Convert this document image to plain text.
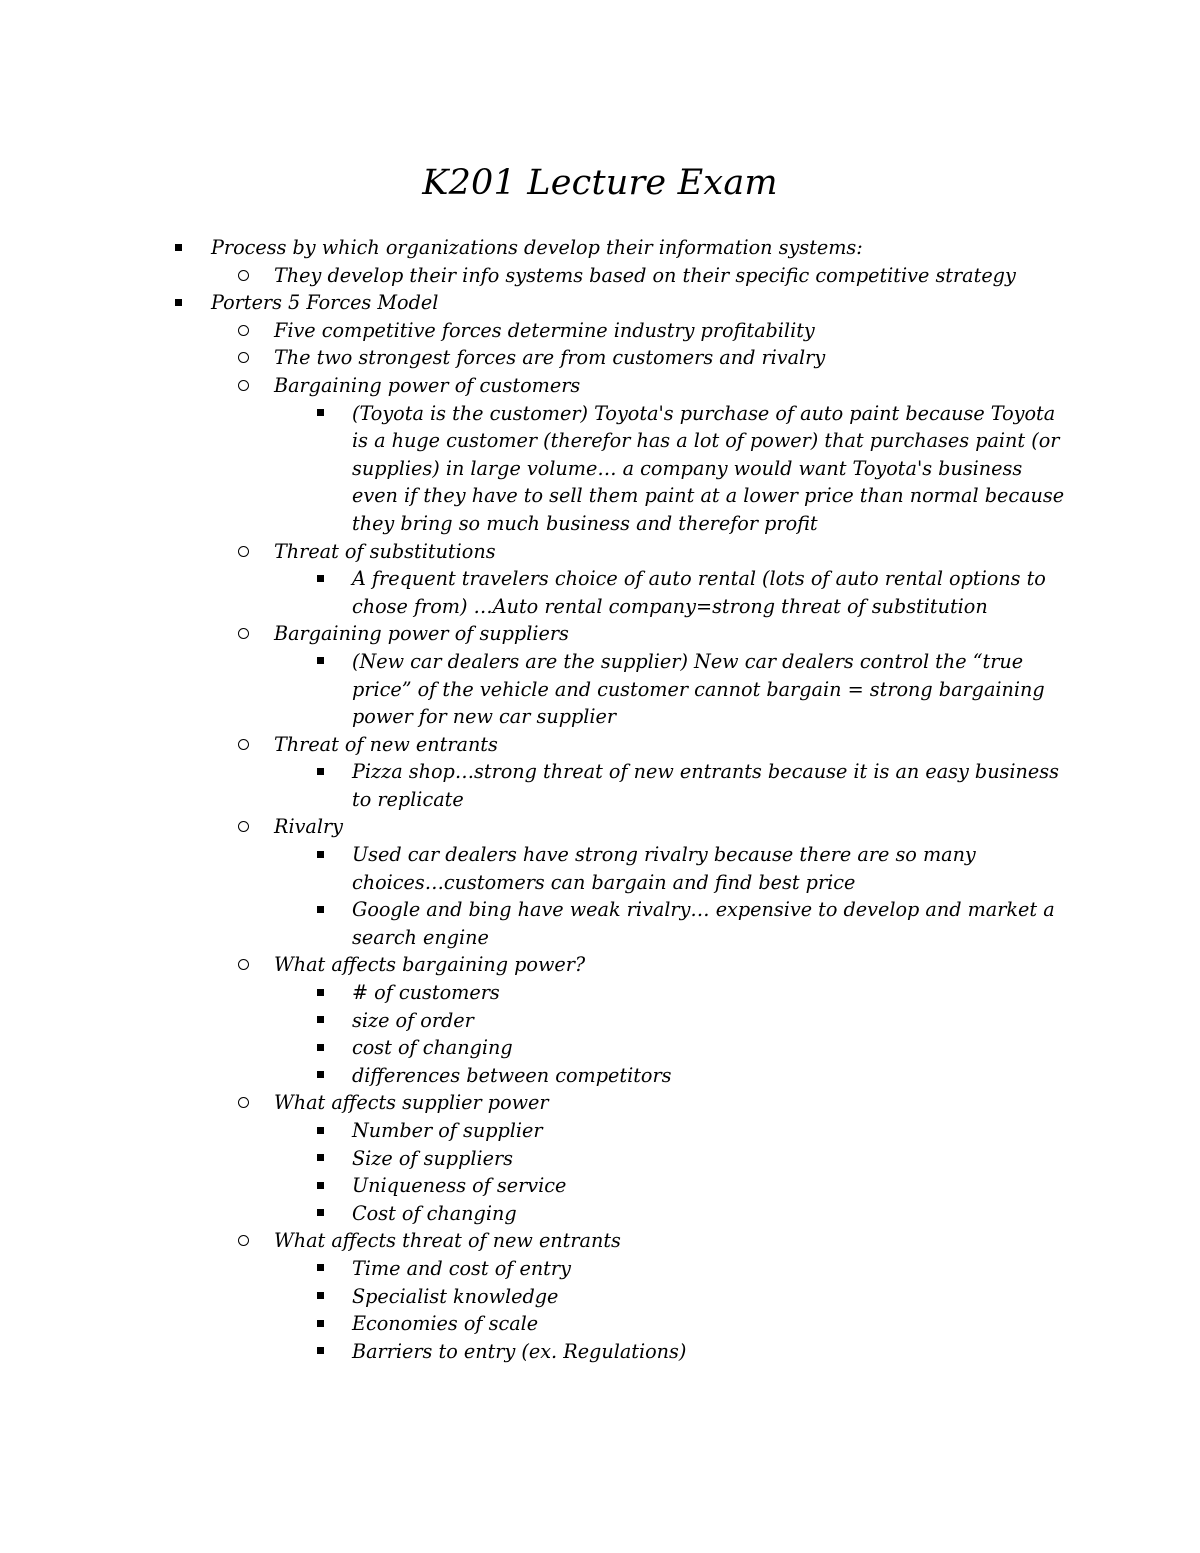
K201 Lecture Exam
Process by which organizations develop their information systems:
They develop their info systems based on their specific competitive strategy
Porters 5 Forces Model
Five competitive forces determine industry profitability
The two strongest forces are from customers and rivalry
Bargaining power of customers
(Toyota is the customer) Toyota's purchase of auto paint because Toyota is a huge customer (therefor has a lot of power) that purchases paint (or supplies) in large volume… a company would want Toyota's business even if they have to sell them paint at a lower price than normal because they bring so much business and therefor profit
Threat of substitutions
A frequent travelers choice of auto rental (lots of auto rental options to chose from) …Auto rental company=strong threat of substitution
Bargaining power of suppliers
(New car dealers are the supplier) New car dealers control the “true price” of the vehicle and customer cannot bargain = strong bargaining power for new car supplier
Threat of new entrants
Pizza shop…strong threat of new entrants because it is an easy business to replicate
Rivalry
Used car dealers have strong rivalry because there are so many choices…customers can bargain and find best price
Google and bing have weak rivalry… expensive to develop and market a search engine
What affects bargaining power?
# of customers
size of order
cost of changing
differences between competitors
What affects supplier power
Number of supplier
Size of suppliers
Uniqueness of service
Cost of changing
What affects threat of new entrants
Time and cost of entry
Specialist knowledge
Economies of scale
Barriers to entry (ex. Regulations)
